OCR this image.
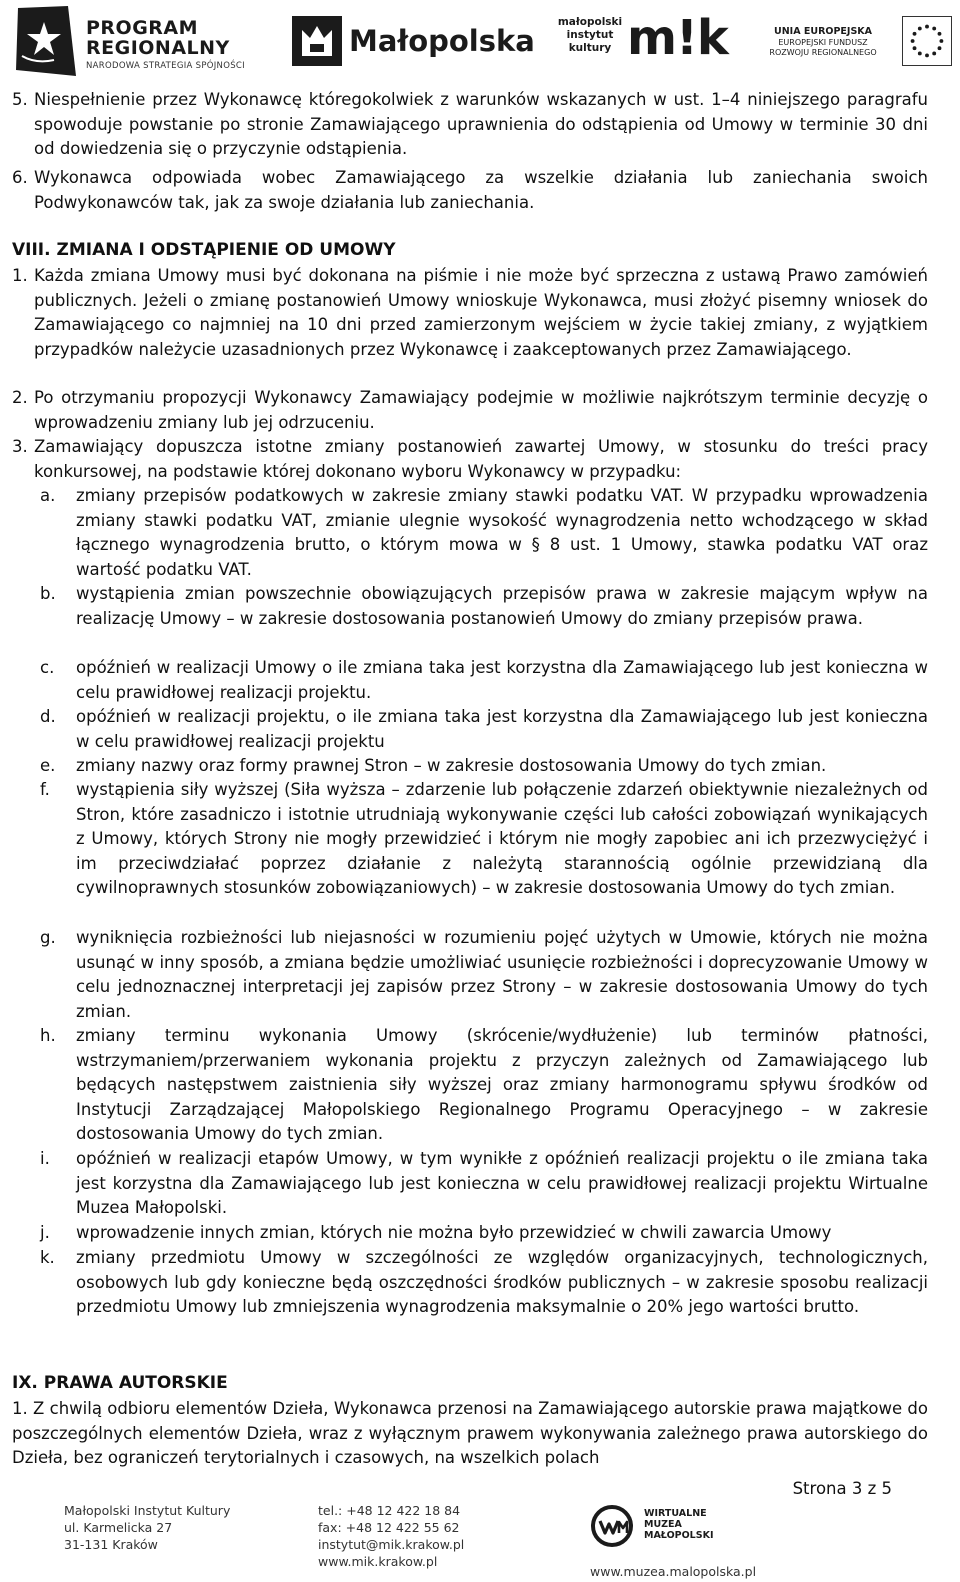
PROGRAM
REGIONALNY
NARODOWA STRATEGIA SPÓJNOŚCI
Małopolska
małopolski
instytut
kultury m!k	UNIA EUROPEJSKA
EUROPEJSKI FUNDUSZ
ROZWOJU REGIONALNEGO
5. Niespełnienie przez Wykonawcę któregokolwiek z warunków wskazanych w ust. 1–4 niniejszego paragrafu spowoduje powstanie po stronie Zamawiającego uprawnienia do odstąpienia od Umowy w terminie 30 dni od dowiedzenia się o przyczynie odstąpienia.
6. Wykonawca odpowiada wobec Zamawiającego za wszelkie działania lub zaniechania swoich Podwykonawców tak, jak za swoje działania lub zaniechania.
VIII. ZMIANA I ODSTĄPIENIE OD UMOWY
1. Każda zmiana Umowy musi być dokonana na piśmie i nie może być sprzeczna z ustawą Prawo zamówień publicznych. Jeżeli o zmianę postanowień Umowy wnioskuje Wykonawca, musi złożyć pisemny wniosek do Zamawiającego co najmniej na 10 dni przed zamierzonym wejściem w życie takiej zmiany, z wyjątkiem przypadków należycie uzasadnionych przez Wykonawcę i zaakceptowanych przez Zamawiającego.
2. Po otrzymaniu propozycji Wykonawcy Zamawiający podejmie w możliwie najkrótszym terminie decyzję o wprowadzeniu zmiany lub jej odrzuceniu.
3. Zamawiający dopuszcza istotne zmiany postanowień zawartej Umowy, w stosunku do treści pracy konkursowej, na podstawie której dokonano wyboru Wykonawcy w przypadku:
a.	zmiany przepisów podatkowych w zakresie zmiany stawki podatku VAT. W przypadku wprowadzenia zmiany stawki podatku VAT, zmianie ulegnie wysokość wynagrodzenia netto wchodzącego w skład łącznego wynagrodzenia brutto, o którym mowa w § 8 ust. 1 Umowy, stawka podatku VAT oraz wartość podatku VAT.
b.	wystąpienia zmian powszechnie obowiązujących przepisów prawa w zakresie mającym wpływ na realizację Umowy – w zakresie dostosowania postanowień Umowy do zmiany przepisów prawa.
c.	opóźnień w realizacji Umowy o ile zmiana taka jest korzystna dla Zamawiającego lub jest konieczna w celu prawidłowej realizacji projektu.
d.	opóźnień w realizacji projektu, o ile zmiana taka jest korzystna dla Zamawiającego lub jest konieczna w celu prawidłowej realizacji projektu
e.	zmiany nazwy oraz formy prawnej Stron – w zakresie dostosowania Umowy do tych zmian.
f.	wystąpienia siły wyższej (Siła wyższa – zdarzenie lub połączenie zdarzeń obiektywnie niezależnych od Stron, które zasadniczo i istotnie utrudniają wykonywanie części lub całości zobowiązań wynikających z Umowy, których Strony nie mogły przewidzieć i którym nie mogły zapobiec ani ich przezwyciężyć i im przeciwdziałać poprzez działanie z należytą starannością ogólnie przewidzianą dla cywilnoprawnych stosunków zobowiązaniowych) – w zakresie dostosowania Umowy do tych zmian.
g.	wyniknięcia rozbieżności lub niejasności w rozumieniu pojęć użytych w Umowie, których nie można usunąć w inny sposób, a zmiana będzie umożliwiać usunięcie rozbieżności i doprecyzowanie Umowy w celu jednoznacznej interpretacji jej zapisów przez Strony – w zakresie dostosowania Umowy do tych zmian.
h.	zmiany terminu wykonania Umowy (skrócenie/wydłużenie) lub terminów płatności, wstrzymaniem/przerwaniem wykonania projektu z przyczyn zależnych od Zamawiającego lub będących następstwem zaistnienia siły wyższej oraz zmiany harmonogramu spływu środków od Instytucji Zarządzającej Małopolskiego Regionalnego Programu Operacyjnego – w zakresie dostosowania Umowy do tych zmian.
i.	opóźnień w realizacji etapów Umowy, w tym wynikłe z opóźnień realizacji projektu o ile zmiana taka jest korzystna dla Zamawiającego lub jest konieczna w celu prawidłowej realizacji projektu Wirtualne Muzea Małopolski.
j.	wprowadzenie innych zmian, których nie można było przewidzieć w chwili zawarcia Umowy
k.	zmiany przedmiotu Umowy w szczególności ze względów organizacyjnych, technologicznych, osobowych lub gdy konieczne będą oszczędności środków publicznych – w zakresie sposobu realizacji przedmiotu Umowy lub zmniejszenia wynagrodzenia maksymalnie o 20% jego wartości brutto.
IX. PRAWA AUTORSKIE
1. Z chwilą odbioru elementów Dzieła, Wykonawca przenosi na Zamawiającego autorskie prawa majątkowe do poszczególnych elementów Dzieła, wraz z wyłącznym prawem wykonywania zależnego prawa autorskiego do Dzieła, bez ograniczeń terytorialnych i czasowych, na wszelkich polach
Strona 3 z 5
Małopolski Instytut Kultury
ul. Karmelicka 27
31-131 Kraków
tel.: +48 12 422 18 84
fax: +48 12 422 55 62
instytut@mik.krakow.pl
www.mik.krakow.pl
WIRTUALNE
MUZEA
MAŁOPOLSKI
www.muzea.malopolska.pl
